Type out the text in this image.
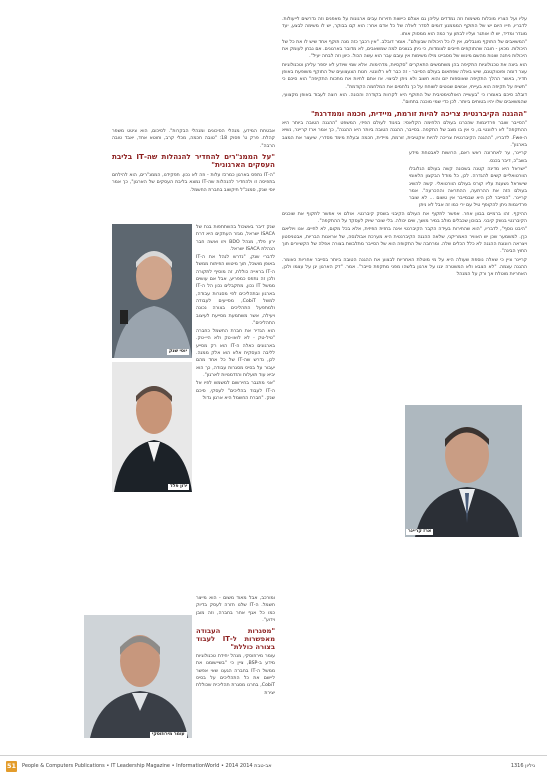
עליו ועל הצריו מוכלות משימות וזה נמדדים עליהן גם אצלם כיישות חזירות עבים ארגונות על מאפנים וזה נדרשים לייעולות. לדבריו, חייו היום יש של התוקף המממנע דומים לסדר לאלה של כל אדם אחר: הוא קם בבוקר, יש לו משימה לבצע, יעד מוגדר ומדיד, יש לו אותגר ועליו לבתון ער כמה הוא ממסוק אותו.

"המשאבים של התוקף מוגבלים, אין לו כל היכולות שבעולם". אומר דובלב. "אין רכבך כזה מנה תוקף אחד שיש לו את כל של היכולות. מכאן - חובה שהתוקפים חייבים לצומדות, כי ניתן בגוונים למה שמשאבים, לא מדובר בארגונים. אם נבחן לעומק את היכולות ניתנה שונות מהשם מינוש של מסבייט מילו משימות אין עובם עבר הוא עשה הכול. כיוון וזה לבחה יעיל".

הוא ביצה את טכנולוגיות התקיפה בהן משתמשים התאקרים "סקסיות, מדהימות. אלא שמי שיודע לא יספר עליהן וטכנולוגיות עצר דומה ופוטוקטנם, שיש באלה שפתאום בעולם הסייבר - זה כבר לא רלוונטי. חנות הצעצועים של התוקף משופעת באופן תדיר, באשר ההלך התקיפה שאוספות יזם והוא חשוב ולא ניתן לביצוי. אז אתם לחיות את מתכות התקיפה" הוא סיכם כי "תשיח על תקיפה הוא בעייתי, אנשים שנוטים לשוחח על כך נלחמים את המלחמה הקודמת".

דובלב סיכם באומרו כי "בעשייה האולטימטיבית של התוקף היא לקרוות בקודרה והכונה. הוא רוצה לעבוד באופן מקצועי, שהמשאבים שלו יהיו בטוחים ביותר. לכן כדי שמי מוכנה בתחום".

"ההגנה הקיברנטית צריכה להיות זורמת, מיידית, חכמה וממדרגת"

"הסייבר שובר פרדיגמות שהכרנו בעולם הלחימה הקלאסי: בניגוד לעולם הפיזי, המשפט "ההגנה הטובה ביותר היא ההתקפה" לא רלוונטי בו, כי אין בו מצב של התקפה. בסייבר, ההגנה הטובה ביותר היא ההגנה", כך אמר ארז קריינר, נשיא ה-Fwe. לדבריו, "ההגנה הקיברנטית צריכה להיות אקטיבית, זורמת, מיידית, חכמה ובעלת מימד מסדרי, שיעצר את המצב בארגון".

קריינר, ער לאחרונה ראש ראם, הרושות לאבטחת מידע בשב"כ, דיבר בכנס.

"ישראל היא מדינה קטנה בשכונה קשה בעולם הגלובלו הוורטואליים קשים להגדרה. לכן, כל מודל הבקצון הלאומי שישראל נשענת עליו קורס בעולם הוורטואלי. קשה להשיג בעולם הזה את ההרתעה, ההתראה וההכרעה". אמר קריינר. "הסייבר לכן היא שבמייבר אין טשום ... לא שובר פרדיגמות ניתן להקופף טיל עם ירי כמו זה אבל לא ניתן

ההיקף. זהו ברמיים בבוון אחר. אפשר לתקוף את העולם הקיבני בשסק קיברנטי. אולם אי אפשר לתקוף את שוכנים הקיברנטי בנשק קיבני. בבוכון שכבלים מולב במיר מושך, שים יכולה. בלי שוכר שיוק לעסקד על ההתקפה".

"היבט נוסף", לדבריו, "הוא שהחירות בעידה הקבר הקיברנטי אינה בחזית הפיזית, אלא בכל מקום, לא לחיים. אנו ויוליאם כךן. למשמער שכן יש האוויר האמריקני, שלאה ההגנה הקיברנטית היא מערכת אבולנסה, של אראנות הבריות, אבטניסטון ויצראה רוונוגת ההגנה לא כלל הכלים שלה. ומרחבה של התקופה הוא של הסייבר מתלבשת בצורה אפלה של הקשיורים תוך החוץ הבינה".

קריינר ציין כי שאלה נוספת שעולה היא על מי מוטלת האחריות לבצוע את ההגנה הטובה ביותר בסייבר אחריות כאומר. ההגנה עצמה. "לא הצבא ולא המשטרה יגנו על ארגון בלשהו מפני מתקפת סייבר". אמר. "דק הארגון יגן על עצמו ולכן, האחריות מוטלת אך ורק על המנהל

ארז קריינר

אבטחת המידע, מנהלי הסיכונים ומנהלי הבקרות". לסיכום, הוא ציטט משפר קהלת. פרק ט' פסוק 18: "טובה חכמה, מכלי קרב, וחוטא אחד, יאבד טובה הרבה".

"על הממנ"רים להחדיר להנהלות שה-IT בליבת העסקים הארגונית"

"ה-IT נתפס בארגון כמרכז עלות - וזה לא נכון. תפקידנו, הממנ"רים, הוא להילחם בתפיסה זו ולהחדיר להנהלות שה-IT נמצא בליבת העסקים של הארגון", כך אמר יוסי שנק, סמנכ"ל תיקשוב בחברת החשמל.

שנק דיבר באשכול בהשתתפות בנת של ISACA ישראל, מגזר העתקים היא דרת ירון פלד, מנהל BDO ויזו ואשה חבר הנהלת ISACA ישראל.

לדברי שנק, "נדרש לנהל את ה-IT באופן מושכל, תוך מיטוש הפיתוח ממשל ה-IT בראייה כוללת, זה מוסיף לתקורה ולכן זה נתפס כמפריע, אבל אם עושים ממשל IT נכון, מתקבלים נכון הל ה-IT בארגון ובתהליכים לפי מסגרות עבודה, למשל CobiT, מסייעים לעבודה ולמתפעל התהליכים בצורה נכונה ויעילה, אשר משתמעת מסייעת לעיצוב התהליכים".

הוא הגדיר את חברת החשמל כחברה "טיל-טק - לא לואו-טק ולא היי-טק. בארגונים כאלה ה-IT הוא רק מסייע לליבה העסקית אלא הוא אלק ממנה. לכן, נדרש שה-IT של כל אחד מהם יעבור על בסיס מסגרות עבודה, כך הוא יביא עוד תועלות והזדמנויות לארגון".

"אני מתגבר בחירשום למשמש לפיו אל ה-IT לעבוד בהליכים" לעסקי, סיכם שנק. "חברת החשמל היא ארגון גדול

יוסי שנק
ירון פלד

ומורכב, אבל מאוד משום - הוא מייצר חשמל. ה-IT שלנו חזרה לעסק בדיוק כמו כל אגף אחר בחברה, וזה מובן וידוע".

"מסגרות העבודה מאפשרות ל-IT לעבוד בצורה כוללת"

עומר מירוזוסקי, מנהל יחידת טכנולוגיות מידע ב-BSP, ציין כי "בשיישומנו את ממשל ה-IT בחברה הגענו שאי אפשר ליישם את כל התהליכים על בסיס CobiT, בחרנו מסגרת תהליכית שכוללת יצירת

עומר מירוזוסקי
51 People & Computers Publications • IT Leadership Magazine • InformationWorld • 2014 אב-טבת 2014	גיליון 1316
